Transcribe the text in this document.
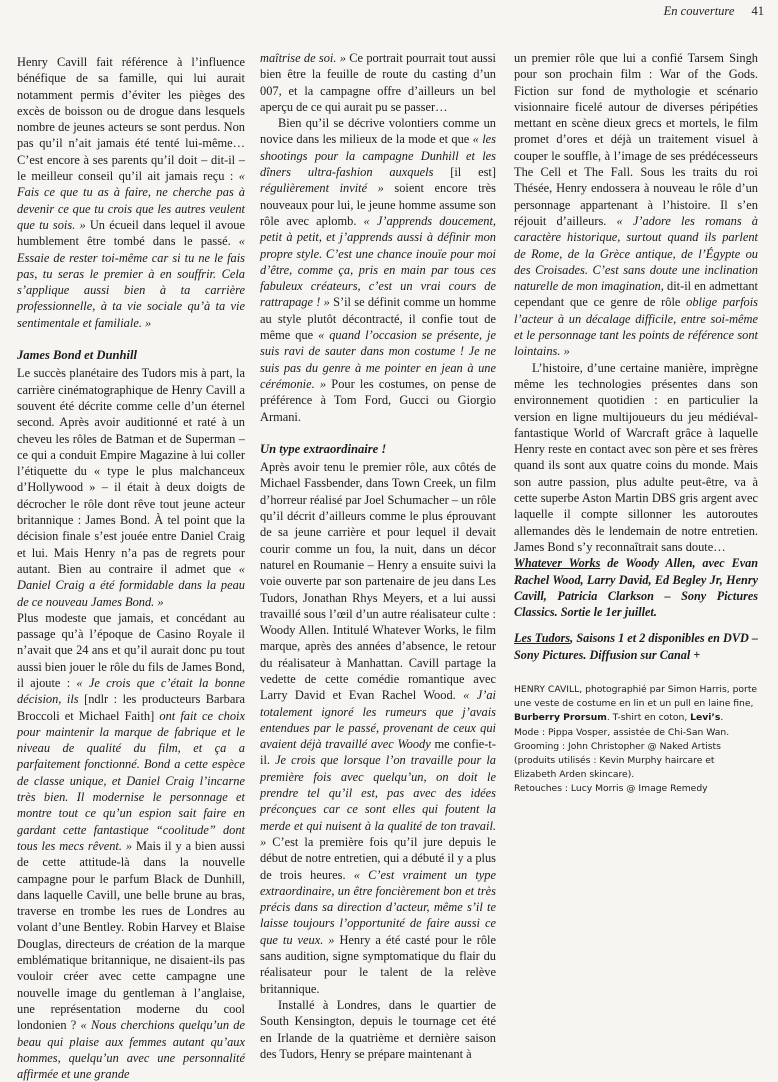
En couverture 41

Henry Cavill fait référence à l’influence bénéfique de sa famille, qui lui aurait notamment permis d’éviter les pièges des excès de boisson ou de drogue dans lesquels nombre de jeunes acteurs se sont perdus. Non pas qu’il n’ait jamais été tenté lui-même… C’est encore à ses parents qu’il doit – dit-il – le meilleur conseil qu’il ait jamais reçu : « Fais ce que tu as à faire, ne cherche pas à devenir ce que tu crois que les autres veulent que tu sois. » Un écueil dans lequel il avoue humblement être tombé dans le passé. « Essaie de rester toi-même car si tu ne le fais pas, tu seras le premier à en souffrir. Cela s’applique aussi bien à ta carrière professionnelle, à ta vie sociale qu’à ta vie sentimentale et familiale. »

James Bond et Dunhill

Le succès planétaire des Tudors mis à part, la carrière cinématographique de Henry Cavill a souvent été décrite comme celle d’un éternel second. Après avoir auditionné et raté à un cheveu les rôles de Batman et de Superman – ce qui a conduit Empire Magazine à lui coller l’étiquette du « type le plus malchanceux d’Hollywood » – il était à deux doigts de décrocher le rôle dont rêve tout jeune acteur britannique : James Bond. À tel point que la décision finale s’est jouée entre Daniel Craig et lui. Mais Henry n’a pas de regrets pour autant. Bien au contraire il admet que « Daniel Craig a été formidable dans la peau de ce nouveau James Bond. »

Plus modeste que jamais, et concédant au passage qu’à l’époque de Casino Royale il n’avait que 24 ans et qu’il aurait donc pu tout aussi bien jouer le rôle du fils de James Bond, il ajoute : « Je crois que c’était la bonne décision, ils [ndlr : les producteurs Barbara Broccoli et Michael Faith] ont fait ce choix pour maintenir la marque de fabrique et le niveau de qualité du film, et ça a parfaitement fonctionné. Bond a cette espèce de classe unique, et Daniel Craig l’incarne très bien. Il modernise le personnage et montre tout ce qu’un espion sait faire en gardant cette fantastique “coolitude” dont tous les mecs rêvent. » Mais il y a bien aussi de cette attitude-là dans la nouvelle campagne pour le parfum Black de Dunhill, dans laquelle Cavill, une belle brune au bras, traverse en trombe les rues de Londres au volant d’une Bentley. Robin Harvey et Blaise Douglas, directeurs de création de la marque emblématique britannique, ne disaient-ils pas vouloir créer avec cette campagne une nouvelle image du gentleman à l’anglaise, une représentation moderne du cool londonien ? « Nous cherchions quelqu’un de beau qui plaise aux femmes autant qu’aux hommes, quelqu’un avec une personnalité affirmée et une grande

maîtrise de soi. » Ce portrait pourrait tout aussi bien être la feuille de route du casting d’un 007, et la campagne offre d’ailleurs un bel aperçu de ce qui aurait pu se passer…

Bien qu’il se décrive volontiers comme un novice dans les milieux de la mode et que « les shootings pour la campagne Dunhill et les dîners ultra-fashion auxquels [il est] régulièrement invité » soient encore très nouveaux pour lui, le jeune homme assume son rôle avec aplomb. « J’apprends doucement, petit à petit, et j’apprends aussi à définir mon propre style. C’est une chance inouïe pour moi d’être, comme ça, pris en main par tous ces fabuleux créateurs, c’est un vrai cours de rattrapage ! » S’il se définit comme un homme au style plutôt décontracté, il confie tout de même que « quand l’occasion se présente, je suis ravi de sauter dans mon costume ! Je ne suis pas du genre à me pointer en jean à une cérémonie. » Pour les costumes, on pense de préférence à Tom Ford, Gucci ou Giorgio Armani.

Un type extraordinaire !

Après avoir tenu le premier rôle, aux côtés de Michael Fassbender, dans Town Creek, un film d’horreur réalisé par Joel Schumacher – un rôle qu’il décrit d’ailleurs comme le plus éprouvant de sa jeune carrière et pour lequel il devait courir comme un fou, la nuit, dans un décor naturel en Roumanie – Henry a ensuite suivi la voie ouverte par son partenaire de jeu dans Les Tudors, Jonathan Rhys Meyers, et a lui aussi travaillé sous l’œil d’un autre réalisateur culte : Woody Allen. Intitulé Whatever Works, le film marque, après des années d’absence, le retour du réalisateur à Manhattan. Cavill partage la vedette de cette comédie romantique avec Larry David et Evan Rachel Wood. « J’ai totalement ignoré les rumeurs que j’avais entendues par le passé, provenant de ceux qui avaient déjà travaillé avec Woody me confie-t-il. Je crois que lorsque l’on travaille pour la première fois avec quelqu’un, on doit le prendre tel qu’il est, pas avec des idées préconçues car ce sont elles qui foutent la merde et qui nuisent à la qualité de ton travail. » C’est la première fois qu’il jure depuis le début de notre entretien, qui a débuté il y a plus de trois heures. « C’est vraiment un type extraordinaire, un être foncièrement bon et très précis dans sa direction d’acteur, même s’il te laisse toujours l’opportunité de faire aussi ce que tu veux. » Henry a été casté pour le rôle sans audition, signe symptomatique du flair du réalisateur pour le talent de la relève britannique.

Installé à Londres, dans le quartier de South Kensington, depuis le tournage cet été en Irlande de la quatrième et dernière saison des Tudors, Henry se prépare maintenant à

un premier rôle que lui a confié Tarsem Singh pour son prochain film : War of the Gods. Fiction sur fond de mythologie et scénario visionnaire ficelé autour de diverses péripéties mettant en scène dieux grecs et mortels, le film promet d’ores et déjà un traitement visuel à couper le souffle, à l’image de ses prédécesseurs The Cell et The Fall. Sous les traits du roi Thésée, Henry endossera à nouveau le rôle d’un personnage appartenant à l’histoire. Il s’en réjouit d’ailleurs. « J’adore les romans à caractère historique, surtout quand ils parlent de Rome, de la Grèce antique, de l’Égypte ou des Croisades. C’est sans doute une inclination naturelle de mon imagination, dit-il en admettant cependant que ce genre de rôle oblige parfois l’acteur à un décalage difficile, entre soi-même et le personnage tant les points de référence sont lointains. »

L’histoire, d’une certaine manière, imprègne même les technologies présentes dans son environnement quotidien : en particulier la version en ligne multijoueurs du jeu médiéval-fantastique World of Warcraft grâce à laquelle Henry reste en contact avec son père et ses frères quand ils sont aux quatre coins du monde. Mais son autre passion, plus adulte peut-être, va à cette superbe Aston Martin DBS gris argent avec laquelle il compte sillonner les autoroutes allemandes dès le lendemain de notre entretien. James Bond s’y reconnaîtrait sans doute…

Whatever Works de Woody Allen, avec Evan Rachel Wood, Larry David, Ed Begley Jr, Henry Cavill, Patricia Clarkson – Sony Pictures Classics. Sortie le 1er juillet.

Les Tudors, Saisons 1 et 2 disponibles en DVD – Sony Pictures. Diffusion sur Canal +

HENRY CAVILL, photographié par Simon Harris, porte une veste de costume en lin et un pull en laine fine, Burberry Prorsum. T-shirt en coton, Levi’s.
Mode : Pippa Vosper, assistée de Chi-San Wan.
Grooming : John Christopher @ Naked Artists (produits utilisés : Kevin Murphy haircare et Elizabeth Arden skincare).
Retouches : Lucy Morris @ Image Remedy
